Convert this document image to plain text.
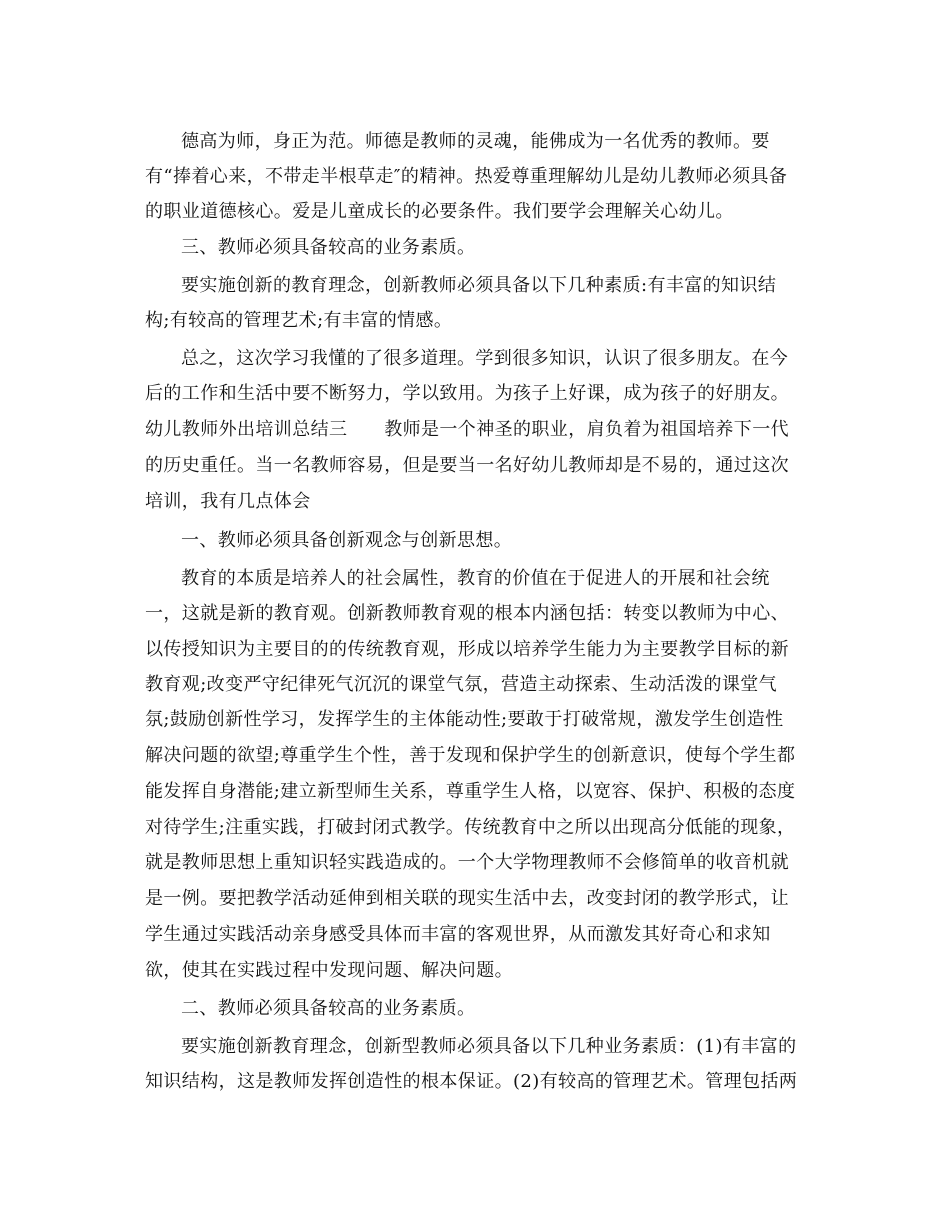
德高为师，身正为范。师德是教师的灵魂，能佛成为一名优秀的教师。要
有“捧着心来，不带走半根草走″的精神。热爱尊重理解幼儿是幼儿教师必须具备
的职业道德核心。爱是儿童成长的必要条件。我们要学会理解关心幼儿。
三、教师必须具备较高的业务素质。
要实施创新的教育理念，创新教师必须具备以下几种素质:有丰富的知识结
构;有较高的管理艺术;有丰富的情感。
总之，这次学习我懂的了很多道理。学到很多知识，认识了很多朋友。在今
后的工作和生活中要不断努力，学以致用。为孩子上好课，成为孩子的好朋友。
幼儿教师外出培训总结三　　教师是一个神圣的职业，肩负着为祖国培养下一代
的历史重任。当一名教师容易，但是要当一名好幼儿教师却是不易的，通过这次
培训，我有几点体会
一、教师必须具备创新观念与创新思想。
教育的本质是培养人的社会属性，教育的价值在于促进人的开展和社会统
一，这就是新的教育观。创新教师教育观的根本内涵包括：转变以教师为中心、
以传授知识为主要目的的传统教育观，形成以培养学生能力为主要教学目标的新
教育观;改变严守纪律死气沉沉的课堂气氛，营造主动探索、生动活泼的课堂气
氛;鼓励创新性学习，发挥学生的主体能动性;要敢于打破常规，激发学生创造性
解决问题的欲望;尊重学生个性，善于发现和保护学生的创新意识，使每个学生都
能发挥自身潜能;建立新型师生关系，尊重学生人格，以宽容、保护、积极的态度
对待学生;注重实践，打破封闭式教学。传统教育中之所以出现高分低能的现象，
就是教师思想上重知识轻实践造成的。一个大学物理教师不会修简单的收音机就
是一例。要把教学活动延伸到相关联的现实生活中去，改变封闭的教学形式，让
学生通过实践活动亲身感受具体而丰富的客观世界，从而激发其好奇心和求知
欲，使其在实践过程中发现问题、解决问题。
二、教师必须具备较高的业务素质。
要实施创新教育理念，创新型教师必须具备以下几种业务素质：(1)有丰富的
知识结构，这是教师发挥创造性的根本保证。(2)有较高的管理艺术。管理包括两
